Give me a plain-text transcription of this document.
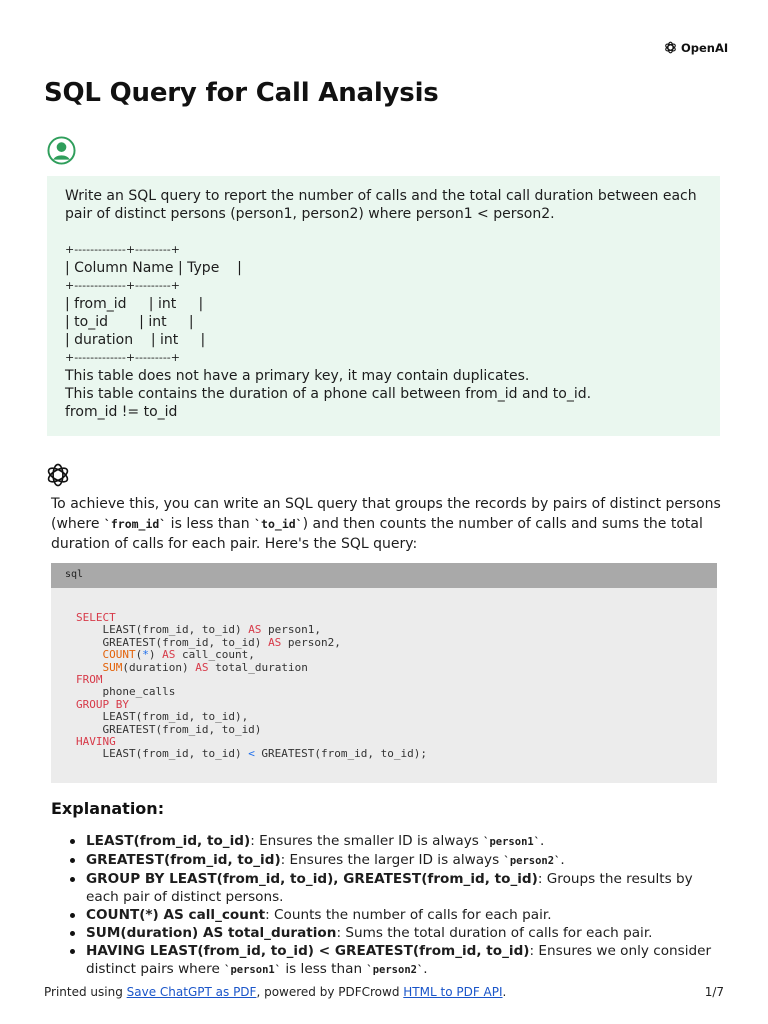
OpenAI
SQL Query for Call Analysis
Write an SQL query to report the number of calls and the total call duration between each pair of distinct persons (person1, person2) where person1 < person2.
+-------------+---------+
| Column Name | Type    |
+-------------+---------+
| from_id     | int     |
| to_id       | int     |
| duration    | int     |
+-------------+---------+
This table does not have a primary key, it may contain duplicates.
This table contains the duration of a phone call between from_id and to_id.
from_id != to_id

To achieve this, you can write an SQL query that groups the records by pairs of distinct persons (where `from_id` is less than `to_id`) and then counts the number of calls and sums the total duration of calls for each pair. Here's the SQL query:

sql
SELECT
LEAST(from_id, to_id) AS person1,
GREATEST(from_id, to_id) AS person2,
COUNT(*) AS call_count,
SUM(duration) AS total_duration
FROM
phone_calls
GROUP BY
LEAST(from_id, to_id),
GREATEST(from_id, to_id)
HAVING
LEAST(from_id, to_id) < GREATEST(from_id, to_id);
Explanation:
LEAST(from_id, to_id): Ensures the smaller ID is always `person1`.
GREATEST(from_id, to_id): Ensures the larger ID is always `person2`.
GROUP BY LEAST(from_id, to_id), GREATEST(from_id, to_id): Groups the results by each pair of distinct persons.
COUNT(*) AS call_count: Counts the number of calls for each pair.
SUM(duration) AS total_duration: Sums the total duration of calls for each pair.
HAVING LEAST(from_id, to_id) < GREATEST(from_id, to_id): Ensures we only consider distinct pairs where `person1` is less than `person2`.
Printed using Save ChatGPT as PDF, powered by PDFCrowd HTML to PDF API.	1/7
